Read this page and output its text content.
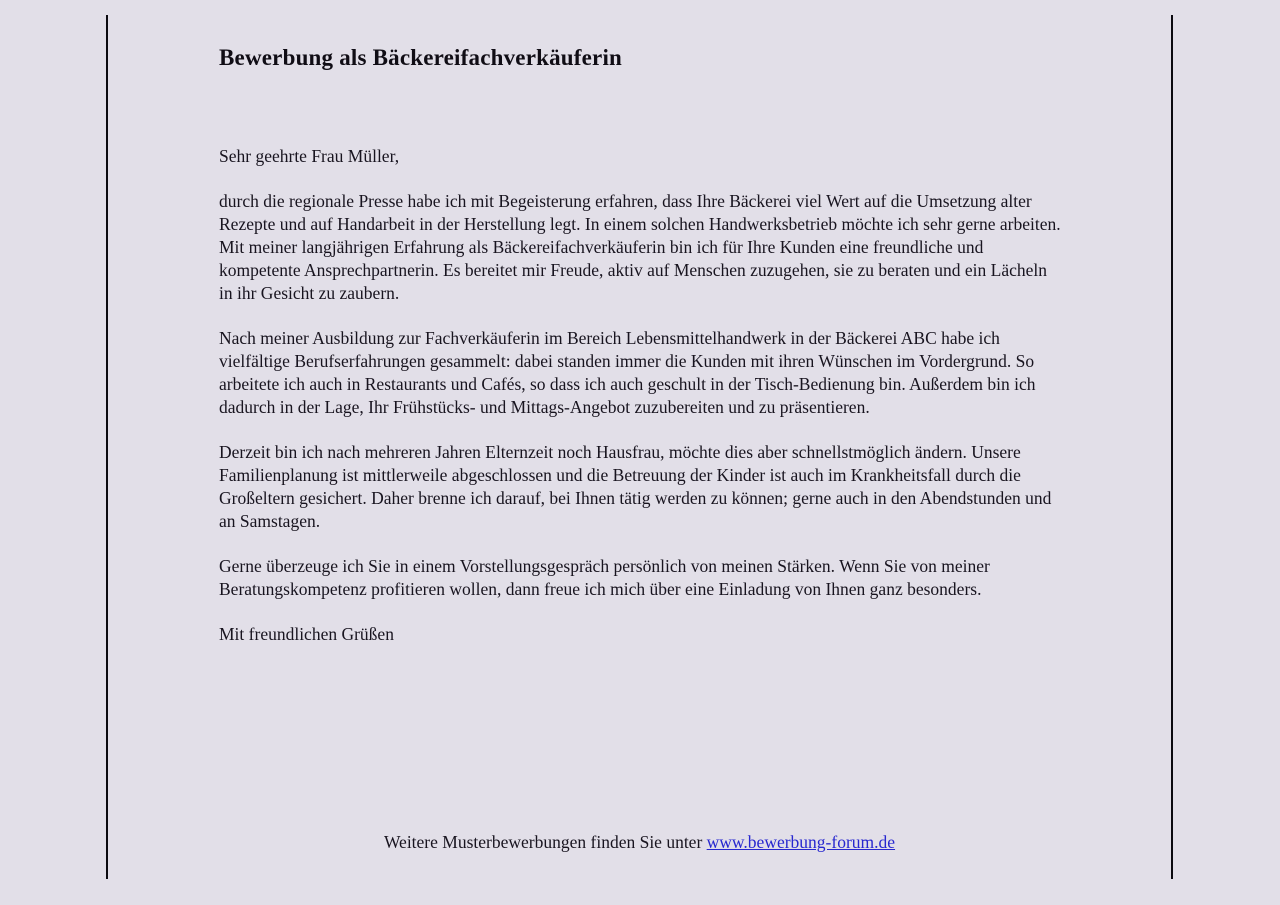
Bewerbung als Bäckereifachverkäuferin

Sehr geehrte Frau Müller,

durch die regionale Presse habe ich mit Begeisterung erfahren, dass Ihre Bäckerei viel Wert auf die Umsetzung alter Rezepte und auf Handarbeit in der Herstellung legt. In einem solchen Handwerksbetrieb möchte ich sehr gerne arbeiten. Mit meiner langjährigen Erfahrung als Bäckereifachverkäuferin bin ich für Ihre Kunden eine freundliche und kompetente Ansprechpartnerin. Es bereitet mir Freude, aktiv auf Menschen zuzugehen, sie zu beraten und ein Lächeln in ihr Gesicht zu zaubern.

Nach meiner Ausbildung zur Fachverkäuferin im Bereich Lebensmittelhandwerk in der Bäckerei ABC habe ich vielfältige Berufserfahrungen gesammelt: dabei standen immer die Kunden mit ihren Wünschen im Vordergrund. So arbeitete ich auch in Restaurants und Cafés, so dass ich auch geschult in der Tisch-Bedienung bin. Außerdem bin ich dadurch in der Lage, Ihr Frühstücks- und Mittags-Angebot zuzubereiten und zu präsentieren.

Derzeit bin ich nach mehreren Jahren Elternzeit noch Hausfrau, möchte dies aber schnellstmöglich ändern. Unsere Familienplanung ist mittlerweile abgeschlossen und die Betreuung der Kinder ist auch im Krankheitsfall durch die Großeltern gesichert. Daher brenne ich darauf, bei Ihnen tätig werden zu können; gerne auch in den Abendstunden und an Samstagen.

Gerne überzeuge ich Sie in einem Vorstellungsgespräch persönlich von meinen Stärken. Wenn Sie von meiner Beratungskompetenz profitieren wollen, dann freue ich mich über eine Einladung von Ihnen ganz besonders.

Mit freundlichen Grüßen

Weitere Musterbewerbungen finden Sie unter www.bewerbung-forum.de
